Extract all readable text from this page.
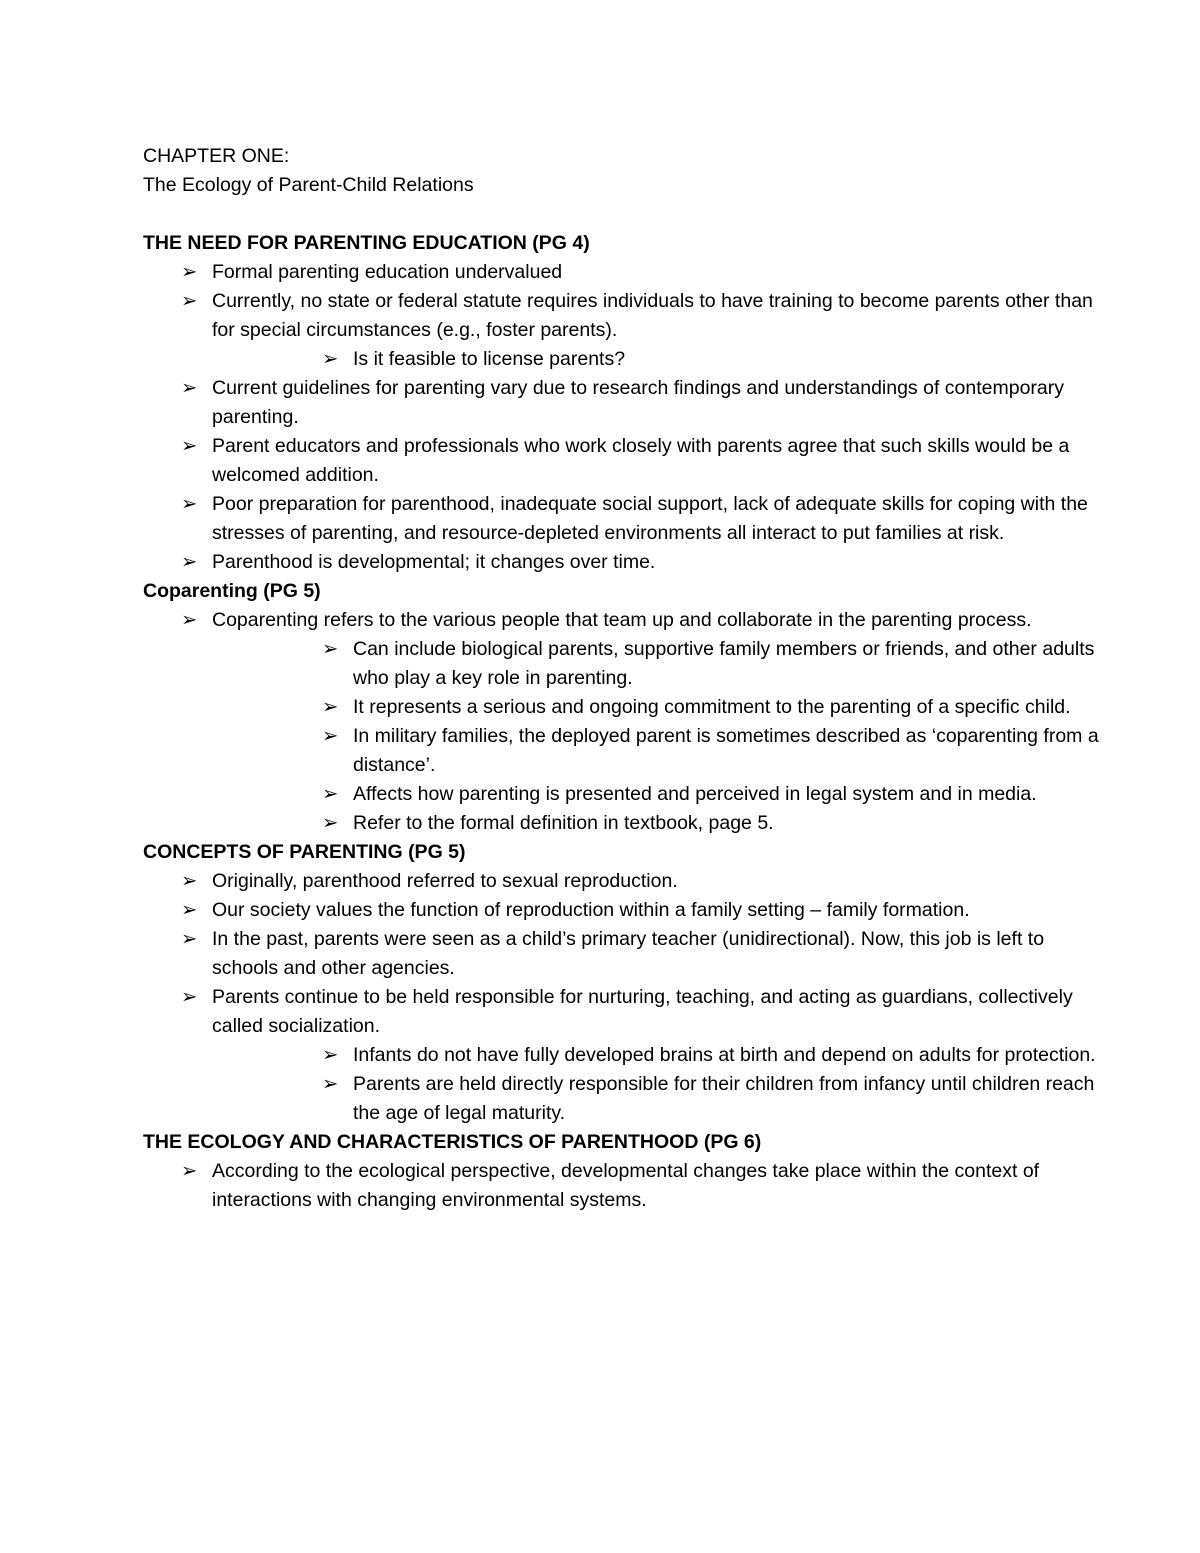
CHAPTER ONE:

The Ecology of Parent-Child Relations

THE NEED FOR PARENTING EDUCATION (PG 4)

➢ Formal parenting education undervalued
➢ Currently, no state or federal statute requires individuals to have training to become parents other than for special circumstances (e.g., foster parents).
➢ Is it feasible to license parents?
➢ Current guidelines for parenting vary due to research findings and understandings of contemporary parenting.
➢ Parent educators and professionals who work closely with parents agree that such skills would be a welcomed addition.
➢ Poor preparation for parenthood, inadequate social support, lack of adequate skills for coping with the stresses of parenting, and resource-depleted environments all interact to put families at risk.
➢ Parenthood is developmental; it changes over time.

Coparenting (PG 5)

➢ Coparenting refers to the various people that team up and collaborate in the parenting process.
➢ Can include biological parents, supportive family members or friends, and other adults who play a key role in parenting.
➢ It represents a serious and ongoing commitment to the parenting of a specific child.
➢ In military families, the deployed parent is sometimes described as ‘coparenting from a distance’.
➢ Affects how parenting is presented and perceived in legal system and in media.
➢ Refer to the formal definition in textbook, page 5.

CONCEPTS OF PARENTING (PG 5)

➢ Originally, parenthood referred to sexual reproduction.
➢ Our society values the function of reproduction within a family setting – family formation.
➢ In the past, parents were seen as a child’s primary teacher (unidirectional). Now, this job is left to schools and other agencies.
➢ Parents continue to be held responsible for nurturing, teaching, and acting as guardians, collectively called socialization.
➢ Infants do not have fully developed brains at birth and depend on adults for protection.
➢ Parents are held directly responsible for their children from infancy until children reach the age of legal maturity.

THE ECOLOGY AND CHARACTERISTICS OF PARENTHOOD (PG 6)

➢ According to the ecological perspective, developmental changes take place within the context of interactions with changing environmental systems.
